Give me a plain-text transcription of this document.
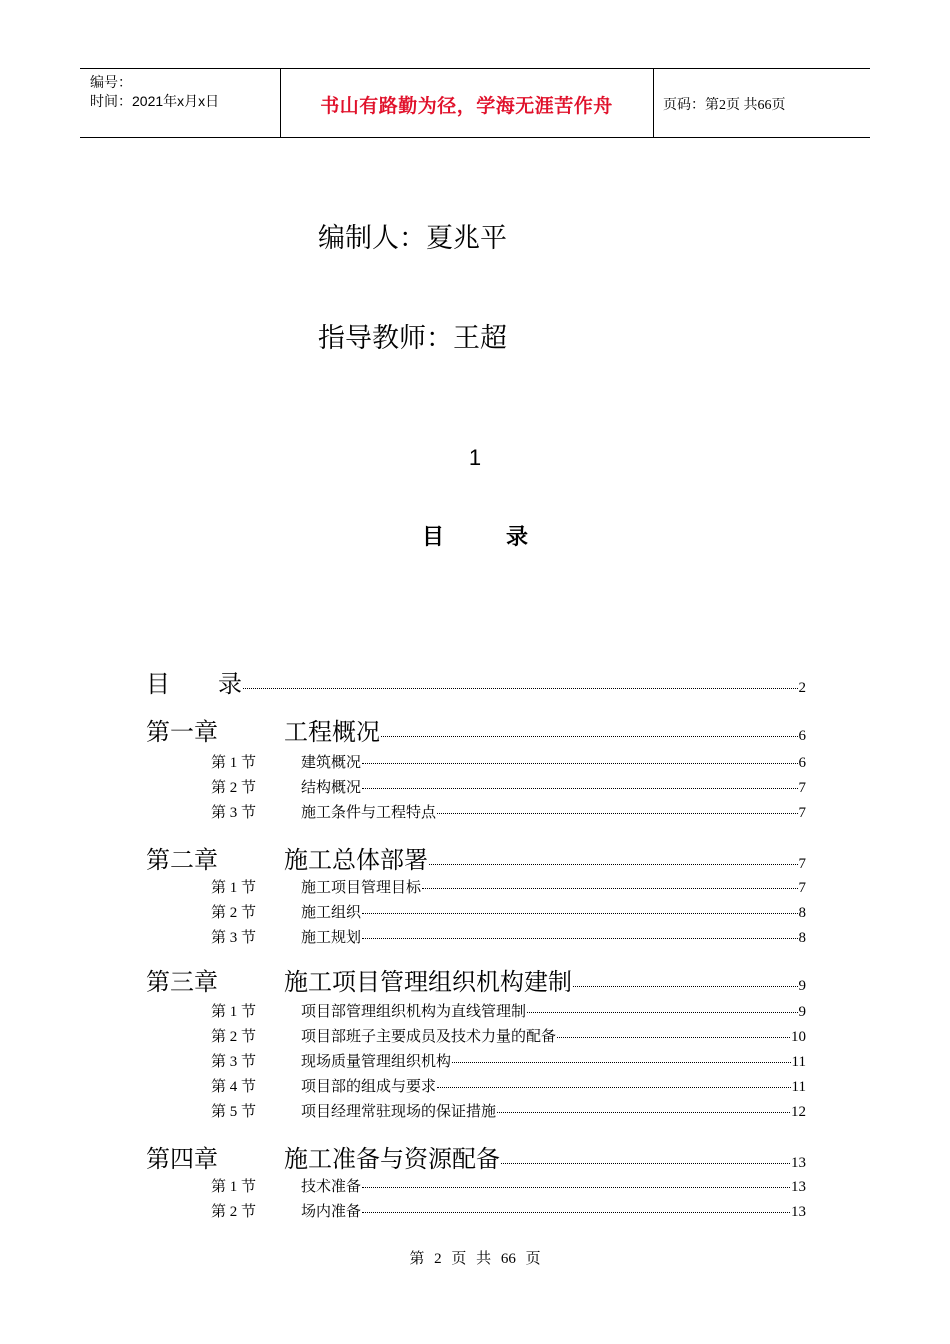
编号：
时间：2021年x月x日	书山有路勤为径，学海无涯苦作舟	页码：第2页 共66页
编制人：夏兆平
指导教师：王超
1
目录
目        录	2
第一章	工程概况	6
第 1 节	建筑概况	6
第 2 节	结构概况	7
第 3 节	施工条件与工程特点	7
第二章	施工总体部署	7
第 1 节	施工项目管理目标	7
第 2 节	施工组织	8
第 3 节	施工规划	8
第三章	施工项目管理组织机构建制	9
第 1 节	项目部管理组织机构为直线管理制	9
第 2 节	项目部班子主要成员及技术力量的配备	10
第 3 节	现场质量管理组织机构	11
第 4 节	项目部的组成与要求	11
第 5 节	项目经理常驻现场的保证措施	12
第四章	施工准备与资源配备	13
第 1 节	技术准备	13
第 2 节	场内准备	13
第 2 页 共 66 页
